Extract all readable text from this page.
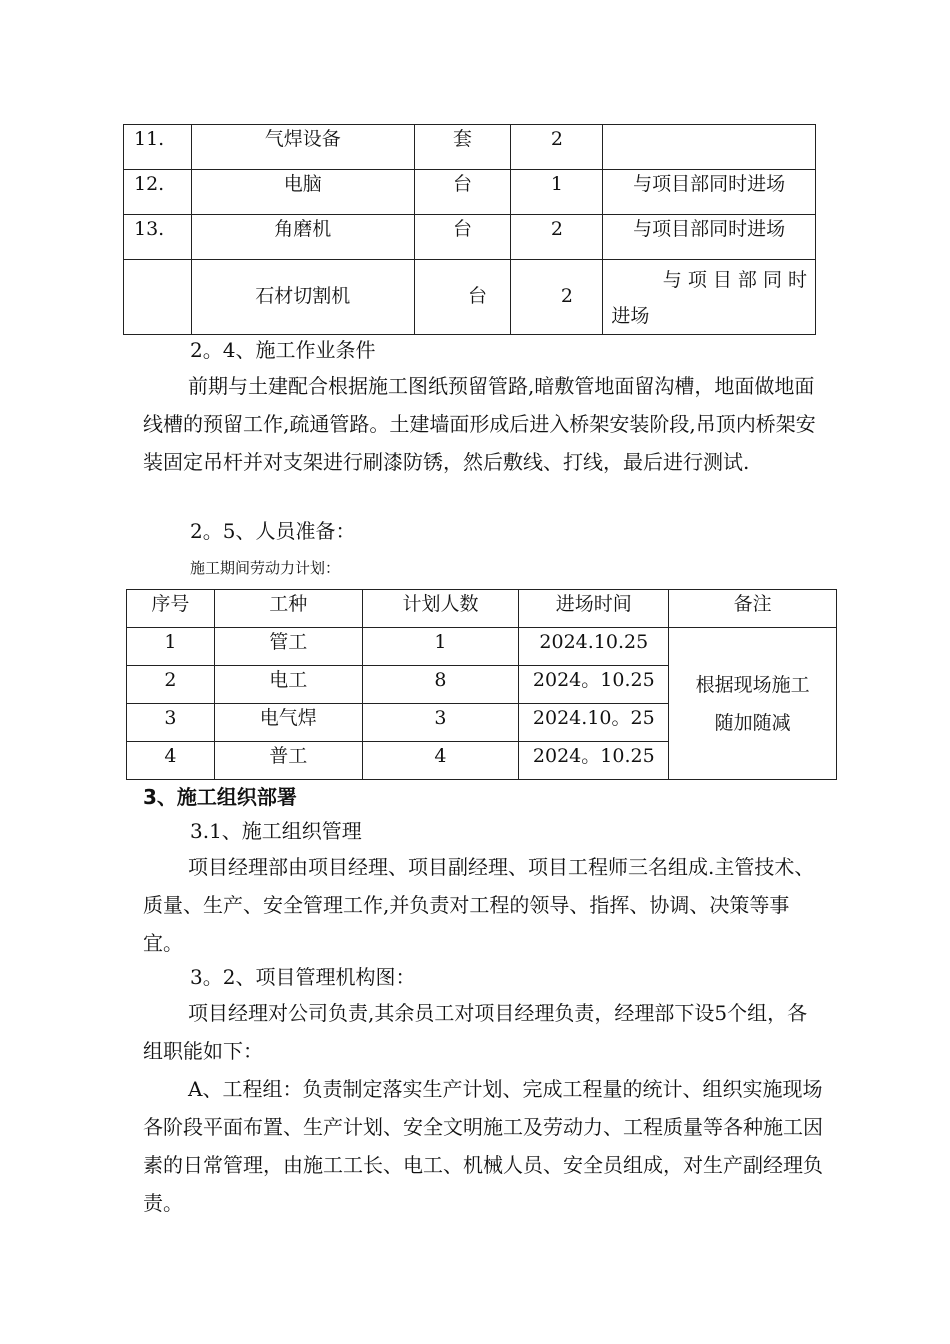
11.	气焊设备	套	2	
12.	电脑	台	1	与项目部同时进场
13.	角磨机	台	2	与项目部同时进场
	石材切割机	台	2	与 项 目 部 同 时
进场
2。4、施工作业条件
前期与土建配合根据施工图纸预留管路,暗敷管地面留沟槽，地面做地面线槽的预留工作,疏通管路。土建墙面形成后进入桥架安装阶段,吊顶内桥架安装固定吊杆并对支架进行刷漆防锈，然后敷线、打线，最后进行测试.
2。5、人员准备：
施工期间劳动力计划：
序号	工种	计划人数	进场时间	备注
1	管工	1	2024.10.25	根据现场施工
随加随减

2	电工	8	2024。10.25	
3	电气焊	3	2024.10。25	
4	普工	4	2024。10.25	
3、施工组织部署
3.1、施工组织管理
项目经理部由项目经理、项目副经理、项目工程师三名组成.主管技术、质量、生产、安全管理工作,并负责对工程的领导、指挥、协调、决策等事宜。
3。2、项目管理机构图：
项目经理对公司负责,其余员工对项目经理负责，经理部下设5个组，各组职能如下：
A、工程组：负责制定落实生产计划、完成工程量的统计、组织实施现场各阶段平面布置、生产计划、安全文明施工及劳动力、工程质量等各种施工因素的日常管理，由施工工长、电工、机械人员、安全员组成，对生产副经理负责。
